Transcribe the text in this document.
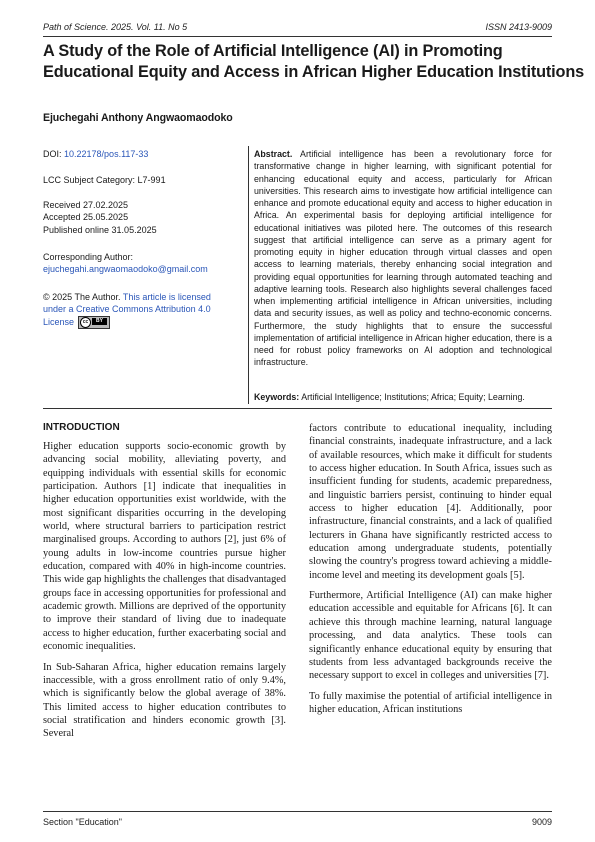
Path of Science. 2025. Vol. 11. No 5	ISSN 2413-9009
A Study of the Role of Artificial Intelligence (AI) in Promoting
Educational Equity and Access in African Higher Education Institutions
Ejuchegahi Anthony Angwaomaodoko
DOI: 10.22178/pos.117-33
LCC Subject Category: L7-991
Received 27.02.2025
Accepted 25.05.2025
Published online 31.05.2025
Corresponding Author:
ejuchegahi.angwaomaodoko@gmail.com
© 2025 The Author. This article is licensed
under a Creative Commons Attribution 4.0
License	cc	BY
Abstract. Artificial intelligence has been a revolutionary force for transformative change in higher learning, with significant potential for enhancing educational equity and access, particularly for African universities. This research aims to investigate how artificial intelligence can enhance and promote educational equity and access to higher education in Africa. An experimental basis for deploying artificial intelligence for educational initiatives was piloted here. The outcomes of this research suggest that artificial intelligence can serve as a primary agent for promoting equity in higher education through virtual classes and open access to learning materials, thereby enhancing social integration and providing equal opportunities for learning through automated teaching and adaptive learning tools. Research also highlights several challenges faced when implementing artificial intelligence in African universities, including data and security issues, as well as policy and techno-economic concerns. Furthermore, the study highlights that to ensure the successful implementation of artificial intelligence in African higher education, there is a need for robust policy frameworks on AI adoption and technological infrastructure.
Keywords: Artificial Intelligence; Institutions; Africa; Equity; Learning.
INTRODUCTION

Higher education supports socio-economic growth by advancing social mobility, alleviating poverty, and equipping individuals with essential skills for economic participation. Authors [1] indicate that inequalities in higher education opportunities exist worldwide, with the most significant disparities occurring in the developing world, where structural barriers to participation restrict marginalised groups. According to authors [2], just 6% of young adults in low-income countries pursue higher education, compared with 40% in high-income countries. This wide gap highlights the challenges that disadvantaged groups face in accessing opportunities for professional and academic growth. Millions are deprived of the opportunity to improve their standard of living due to inadequate access to higher education, further exacerbating social and economic inequalities.

In Sub-Saharan Africa, higher education remains largely inaccessible, with a gross enrollment ratio of only 9.4%, which is significantly below the global average of 38%. This limited access to higher education contributes to social stratification and hinders economic growth [3]. Several

factors contribute to educational inequality, including financial constraints, inadequate infrastructure, and a lack of available resources, which make it difficult for students to access higher education. In South Africa, issues such as insufficient funding for students, academic preparedness, and linguistic barriers persist, continuing to hinder equal access to higher education [4]. Additionally, poor infrastructure, financial constraints, and a lack of qualified lecturers in Ghana have significantly restricted access to education among undergraduate students, potentially slowing the country's progress toward achieving a middle-income level and meeting its development goals [5].

Furthermore, Artificial Intelligence (AI) can make higher education accessible and equitable for Africans [6]. It can achieve this through machine learning, natural language processing, and data analytics. These tools can significantly enhance educational equity by ensuring that students from less advantaged backgrounds receive the necessary support to excel in colleges and universities [7].

To fully maximise the potential of artificial intelligence in higher education, African institutions

Section "Education"	9009
